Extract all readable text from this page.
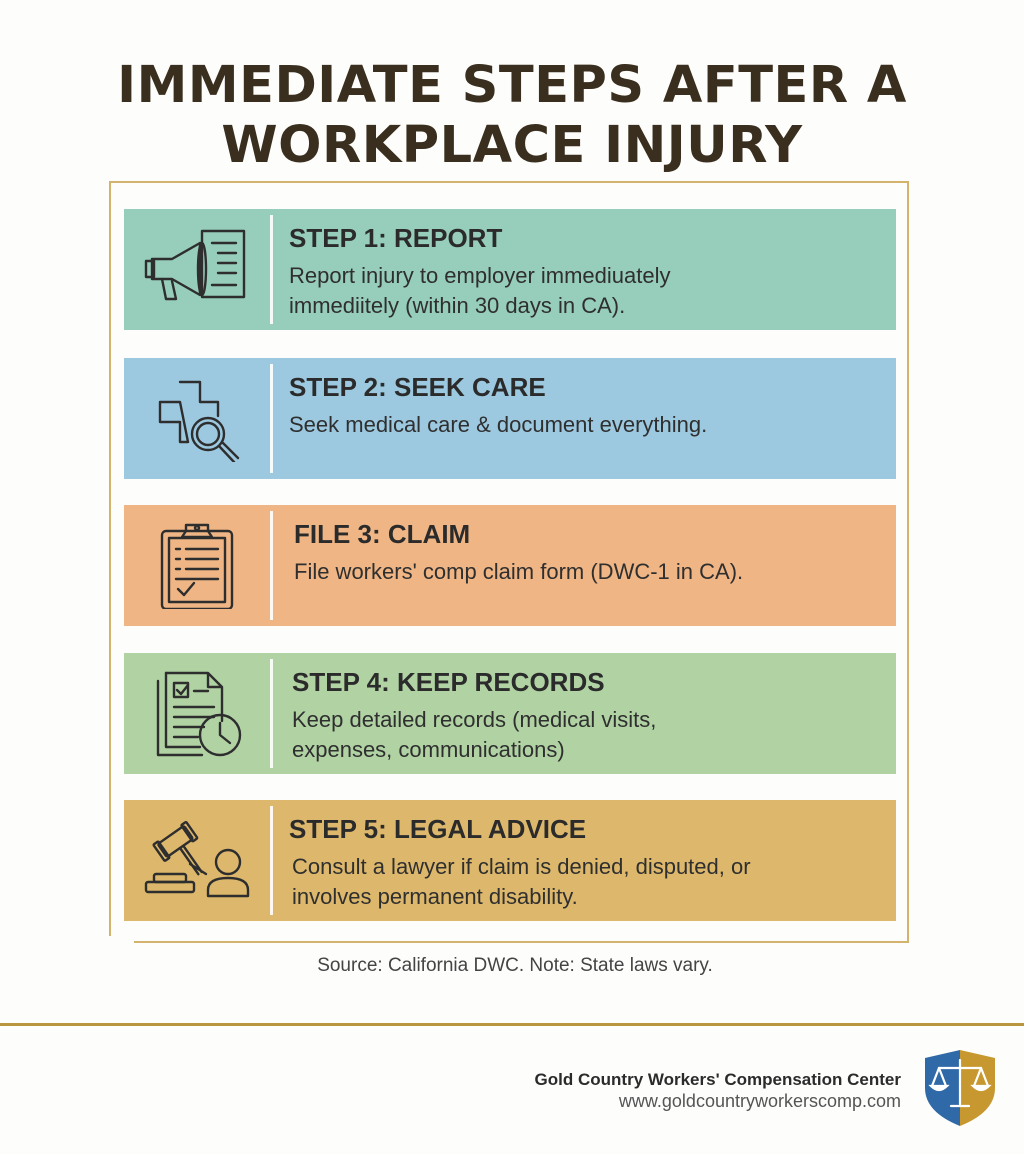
IMMEDIATE STEPS AFTER A
WORKPLACE INJURY
STEP 1: REPORT
Report injury to employer immediuately immediitely (within 30 days in CA).
STEP 2: SEEK CARE
Seek medical care & document everything.
FILE 3: CLAIM
File workers' comp claim form (DWC-1 in CA).
STEP 4: KEEP RECORDS
Keep detailed records (medical visits, expenses, communications)
STEP 5: LEGAL ADVICE
Consult a lawyer if claim is denied, disputed, or involves permanent disability.
Source: California DWC. Note: State laws vary.
Gold Country Workers' Compensation Center
www.goldcountryworkerscomp.com
